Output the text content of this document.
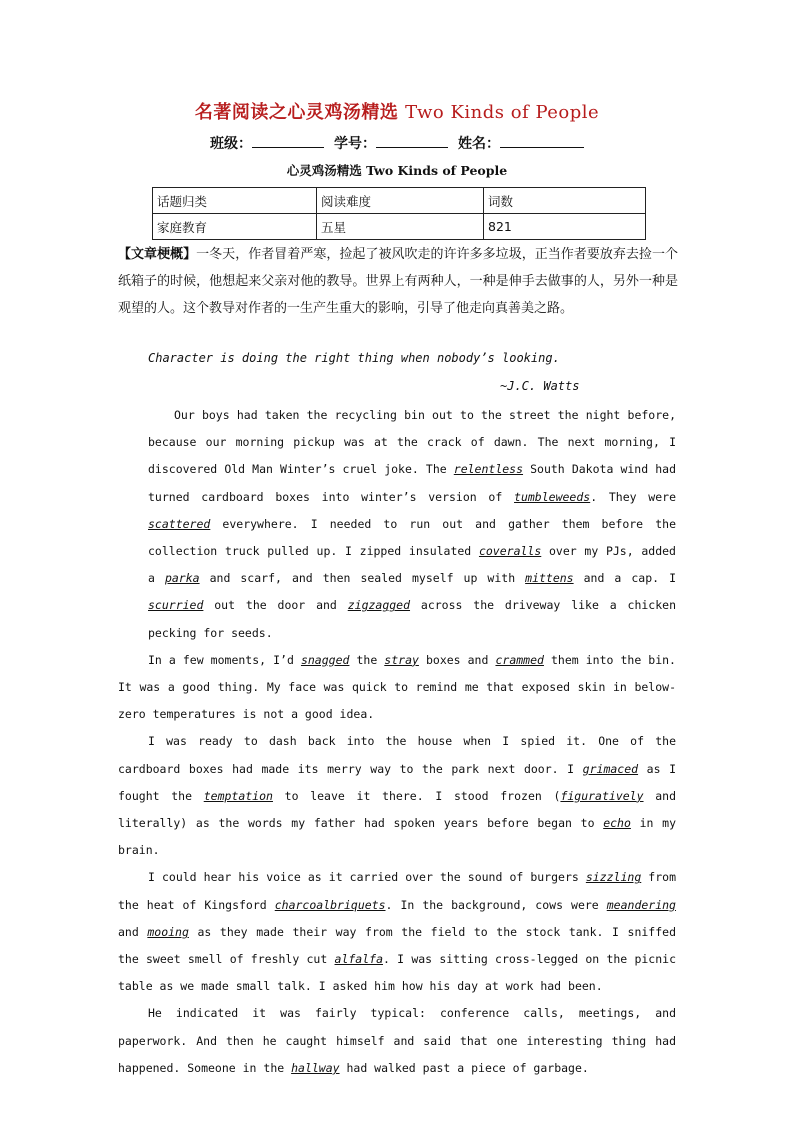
名著阅读之心灵鸡汤精选 Two Kinds of People
班级：	学号：	姓名：
心灵鸡汤精选 Two Kinds of People
话题归类	阅读难度	词数
家庭教育	五星	821
【文章梗概】一冬天，作者冒着严寒，捡起了被风吹走的许许多多垃圾，正当作者要放弃去捡一个纸箱子的时候，他想起来父亲对他的教导。世界上有两种人，一种是伸手去做事的人，另外一种是观望的人。这个教导对作者的一生产生重大的影响，引导了他走向真善美之路。
Character is doing the right thing when nobody’s looking.
~J.C. Watts

Our boys had taken the recycling bin out to the street the night before, because our morning pickup was at the crack of dawn. The next morning, I discovered Old Man Winter’s cruel joke. The relentless South Dakota wind had turned cardboard boxes into winter’s version of tumbleweeds. They were scattered everywhere. I needed to run out and gather them before the collection truck pulled up. I zipped insulated coveralls over my PJs, added a parka and scarf, and then sealed myself up with mittens and a cap. I scurried out the door and zigzagged across the driveway like a chicken pecking for seeds.

In a few moments, I’d snagged the stray boxes and crammed them into the bin. It was a good thing. My face was quick to remind me that exposed skin in below-zero temperatures is not a good idea.

I was ready to dash back into the house when I spied it. One of the cardboard boxes had made its merry way to the park next door. I grimaced as I fought the temptation to leave it there. I stood frozen (figuratively and literally) as the words my father had spoken years before began to echo in my brain.

I could hear his voice as it carried over the sound of burgers sizzling from the heat of Kingsford charcoalbriquets. In the background, cows were meandering and mooing as they made their way from the field to the stock tank. I sniffed the sweet smell of freshly cut alfalfa. I was sitting cross-legged on the picnic table as we made small talk. I asked him how his day at work had been.

He indicated it was fairly typical: conference calls, meetings, and paperwork. And then he caught himself and said that one interesting thing had happened. Someone in the hallway had walked past a piece of garbage.
